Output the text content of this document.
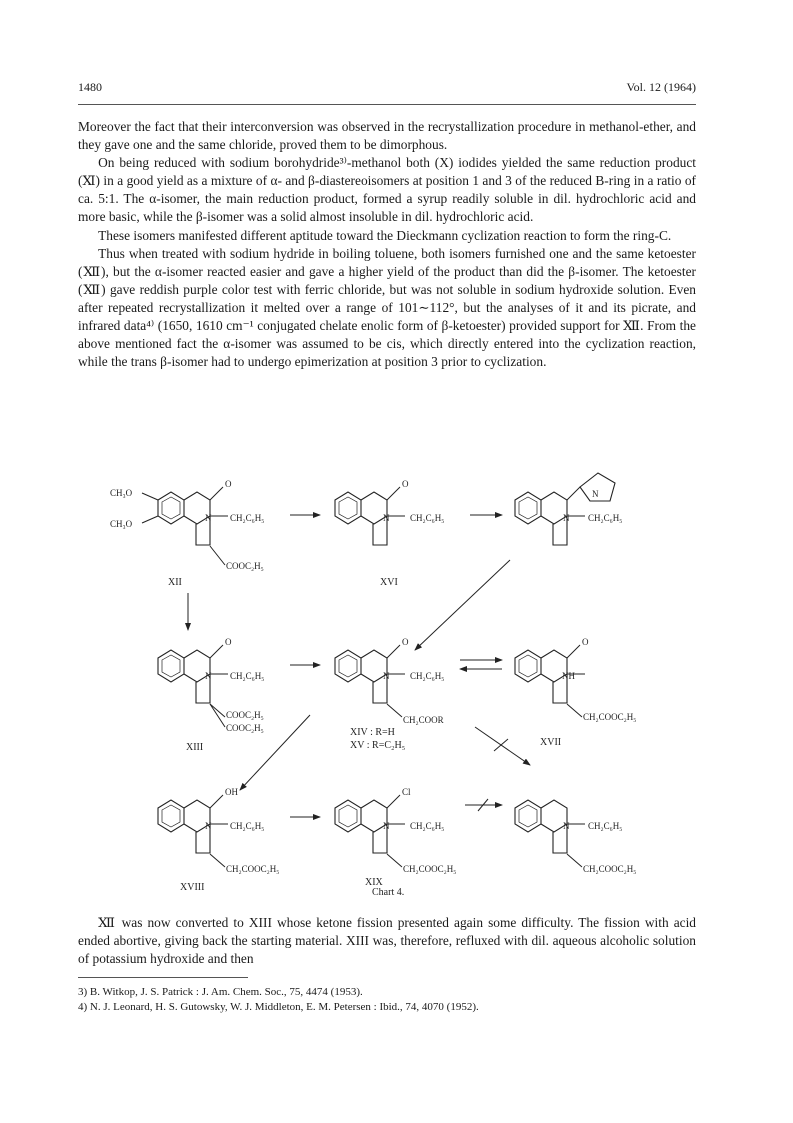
1480	Vol. 12 (1964)

Moreover the fact that their interconversion was observed in the recrystallization procedure in methanol-ether, and they gave one and the same chloride, proved them to be dimorphous.

On being reduced with sodium borohydride³⁾-methanol both (X) iodides yielded the same reduction product (Ⅺ) in a good yield as a mixture of α- and β-diastereoisomers at position 1 and 3 of the reduced B-ring in a ratio of ca. 5:1. The α-isomer, the main reduction product, formed a syrup readily soluble in dil. hydrochloric acid and more basic, while the β-isomer was a solid almost insoluble in dil. hydrochloric acid.

These isomers manifested different aptitude toward the Dieckmann cyclization reaction to form the ring-C.

Thus when treated with sodium hydride in boiling toluene, both isomers furnished one and the same ketoester (Ⅻ), but the α-isomer reacted easier and gave a higher yield of the product than did the β-isomer. The ketoester (Ⅻ) gave reddish purple color test with ferric chloride, but was not soluble in sodium hydroxide solution. Even after repeated recrystallization it melted over a range of 101∼112°, but the analyses of it and its picrate, and infrared data⁴⁾ (1650, 1610 cm⁻¹ conjugated chelate enolic form of β-ketoester) provided support for Ⅻ. From the above mentioned fact the α-isomer was assumed to be cis, which directly entered into the cyclization reaction, while the trans β-isomer had to undergo epimerization at position 3 prior to cyclization.

CH₃O
CH₃O
O
N CH₂C₆H₅
COOC₂H₅
XII
O
N CH₂C₆H₅
XVI
N
N CH₂C₆H₅
O
N CH₂C₆H₅
COOC₂H₅
COOC₂H₅
XIII
O
N CH₂C₆H₅
CH₂COOR
XIV : R=H
XV : R=C₂H₅
O
NH
CH₂COOC₂H₅
XVII
OH
N CH₂C₆H₅
CH₂COOC₂H₅
XVIII
Cl
N CH₂C₆H₅
CH₂COOC₂H₅
XIX
N CH₂C₆H₅
CH₂COOC₂H₅
Chart 4.

Ⅻ was now converted to XIII whose ketone fission presented again some difficulty. The fission with acid ended abortive, giving back the starting material. XIII was, therefore, refluxed with dil. aqueous alcoholic solution of potassium hydroxide and then

3) B. Witkop, J. S. Patrick : J. Am. Chem. Soc., 75, 4474 (1953).
4) N. J. Leonard, H. S. Gutowsky, W. J. Middleton, E. M. Petersen : Ibid., 74, 4070 (1952).
